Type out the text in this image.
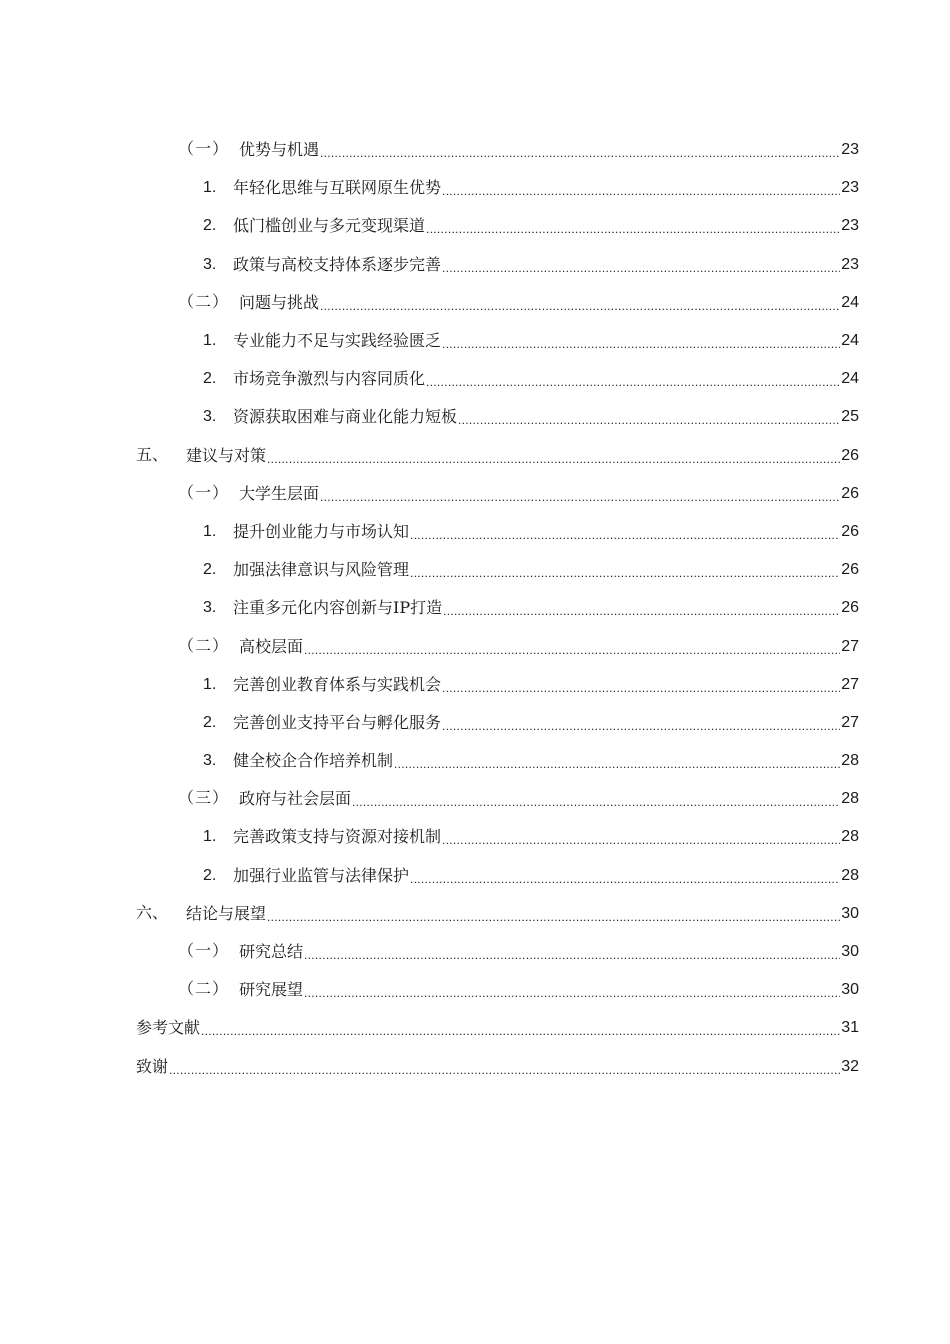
（一） 优势与机遇 .....	23
1.	年轻化思维与互联网原生优势 .....	23
2.	低门槛创业与多元变现渠道 .....	23
3.	政策与高校支持体系逐步完善 .....	23
（二） 问题与挑战 .....	24
1.	专业能力不足与实践经验匮乏 .....	24
2.	市场竞争激烈与内容同质化 .....	24
3.	资源获取困难与商业化能力短板 .....	25
五、	建议与对策 .....	26
（一） 大学生层面 .....	26
1.	提升创业能力与市场认知 .....	26
2.	加强法律意识与风险管理 .....	26
3.	注重多元化内容创新与IP打造 .....	26
（二） 高校层面 .....	27
1.	完善创业教育体系与实践机会 .....	27
2.	完善创业支持平台与孵化服务 .....	27
3.	健全校企合作培养机制 .....	28
（三） 政府与社会层面 .....	28
1.	完善政策支持与资源对接机制 .....	28
2.	加强行业监管与法律保护 .....	28
六、	结论与展望 .....	30
（一） 研究总结 .....	30
（二） 研究展望 .....	30
参考文献 .....	31
致谢 .....	32
